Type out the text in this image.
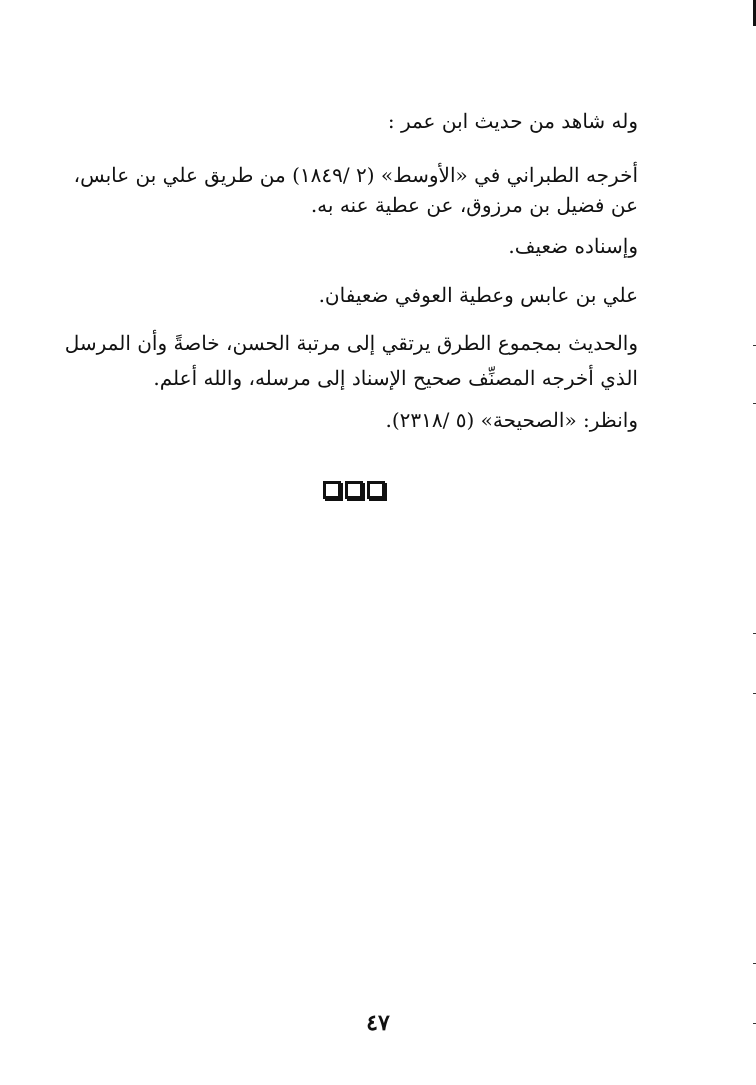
وله شاهد من حديث ابن عمر :
أخرجه الطبراني في «الأوسط» (٢ /١٨٤٩) من طريق علي بن عابس،
عن فضيل بن مرزوق، عن عطية عنه به.
وإسناده ضعيف.
علي بن عابس وعطية العوفي ضعيفان.
والحديث بمجموع الطرق يرتقي إلى مرتبة الحسن، خاصةً وأن المرسل
الذي أخرجه المصنِّف صحيح الإسناد إلى مرسله، والله أعلم.
وانظر: «الصحيحة» (٥ /٢٣١٨).
٤٧
